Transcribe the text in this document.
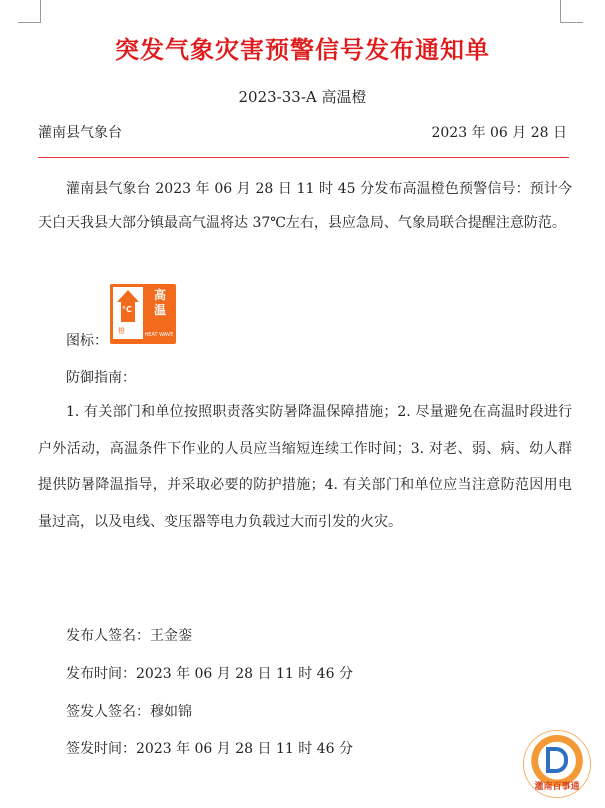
突发气象灾害预警信号发布通知单
2023-33-A 高温橙
灌南县气象台	2023 年 06 月 28 日
灌南县气象台 2023 年 06 月 28 日 11 时 45 分发布高温橙色预警信号：预计今天白天我县大部分镇最高气温将达 37℃左右，县应急局、气象局联合提醒注意防范。
图标：
°C
橙
高
温
HEAT WAVE
防御指南：
1. 有关部门和单位按照职责落实防暑降温保障措施；2. 尽量避免在高温时段进行户外活动，高温条件下作业的人员应当缩短连续工作时间；3. 对老、弱、病、幼人群提供防暑降温指导，并采取必要的防护措施；4. 有关部门和单位应当注意防范因用电量过高，以及电线、变压器等电力负载过大而引发的火灾。
发布人签名：王金銮
发布时间：2023 年 06 月 28 日 11 时 46 分
签发人签名：穆如锦
签发时间：2023 年 06 月 28 日 11 时 46 分
灌南百事通
